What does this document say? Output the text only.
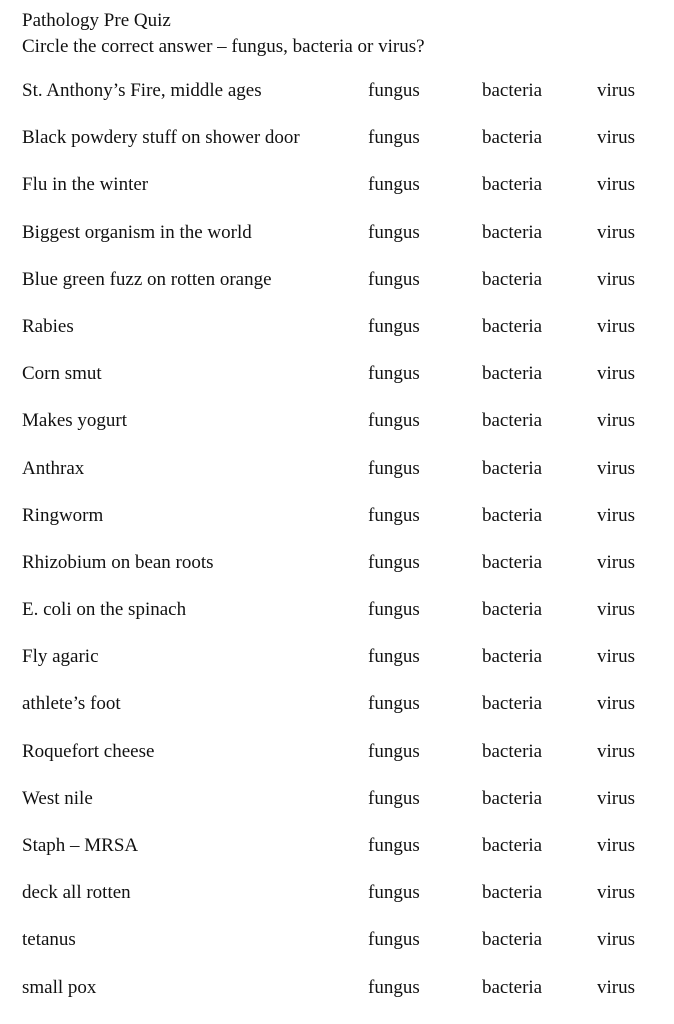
Pathology Pre Quiz
Circle the correct answer – fungus, bacteria or virus?
St. Anthony’s Fire, middle ages	fungus	bacteria	virus
Black powdery stuff on shower door	fungus	bacteria	virus
Flu in the winter	fungus	bacteria	virus
Biggest organism in the world	fungus	bacteria	virus
Blue green fuzz on rotten orange	fungus	bacteria	virus
Rabies	fungus	bacteria	virus
Corn smut	fungus	bacteria	virus
Makes yogurt	fungus	bacteria	virus
Anthrax	fungus	bacteria	virus
Ringworm	fungus	bacteria	virus
Rhizobium on bean roots	fungus	bacteria	virus
E. coli on the spinach	fungus	bacteria	virus
Fly agaric	fungus	bacteria	virus
athlete’s foot	fungus	bacteria	virus
Roquefort cheese	fungus	bacteria	virus
West nile	fungus	bacteria	virus
Staph – MRSA	fungus	bacteria	virus
deck all rotten	fungus	bacteria	virus
tetanus	fungus	bacteria	virus
small pox	fungus	bacteria	virus
